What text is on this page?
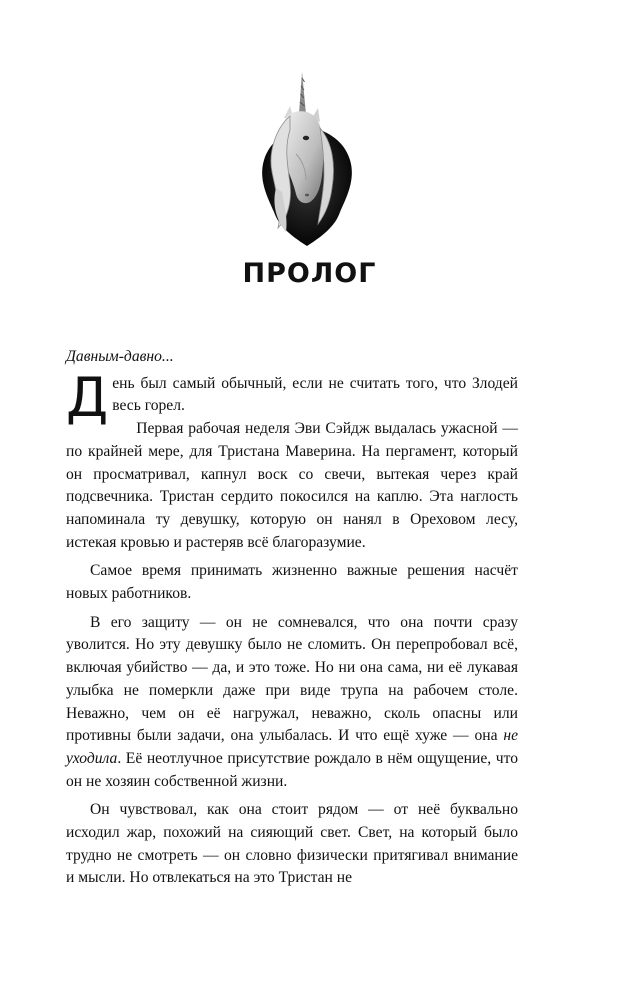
ПРОЛОГ

Давным-давно...

День был самый обычный, если не считать того, что Злодей весь горел.

Первая рабочая неделя Эви Сэйдж выдалась ужасной — по крайней мере, для Тристана Маверина. На пергамент, который он просматривал, капнул воск со свечи, вытекая через край подсвечника. Тристан сердито покосился на каплю. Эта наглость напоминала ту девушку, которую он нанял в Ореховом лесу, истекая кровью и растеряв всё благоразумие.

Самое время принимать жизненно важные решения насчёт новых работников.

В его защиту — он не сомневался, что она почти сразу уволится. Но эту девушку было не сломить. Он перепробовал всё, включая убийство — да, и это тоже. Но ни она сама, ни её лукавая улыбка не померкли даже при виде трупа на рабочем столе. Неважно, чем он её нагружал, неважно, сколь опасны или противны были задачи, она улыбалась. И что ещё хуже — она не уходила. Её неотлучное присутствие рождало в нём ощущение, что он не хозяин собственной жизни.

Он чувствовал, как она стоит рядом — от неё буквально исходил жар, похожий на сияющий свет. Свет, на который было трудно не смотреть — он словно физически притягивал внимание и мысли. Но отвлекаться на это Тристан не
